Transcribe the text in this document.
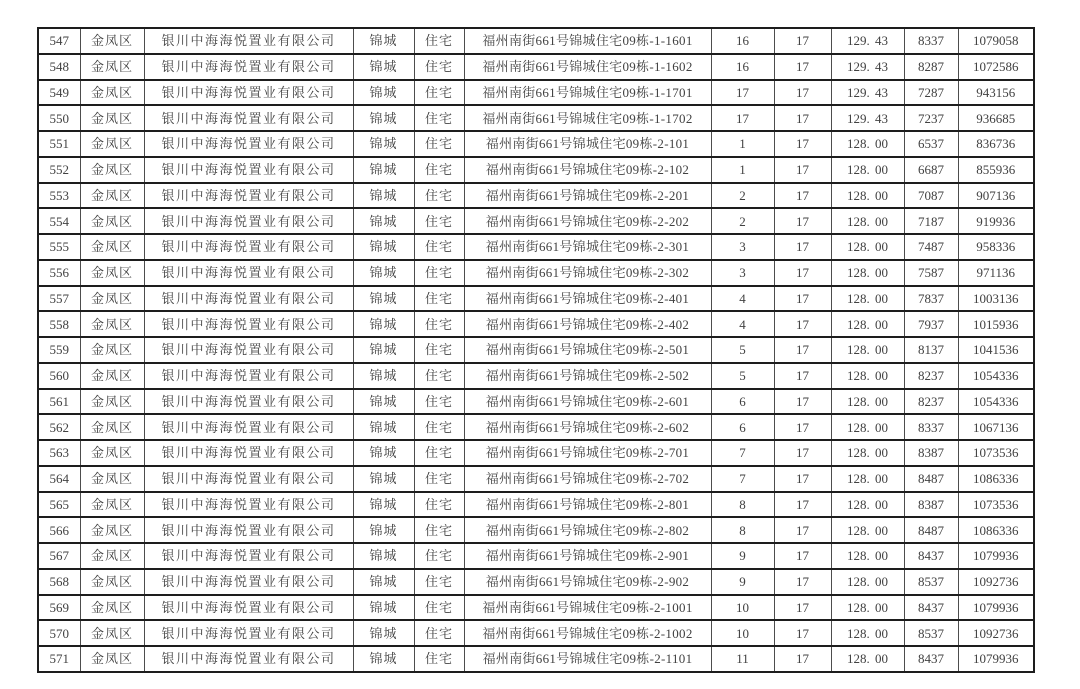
547	金凤区	银川中海海悦置业有限公司	锦城	住宅	福州南街661号锦城住宅09栋-1-1601	16	17	129. 43	8337	1079058
548	金凤区	银川中海海悦置业有限公司	锦城	住宅	福州南街661号锦城住宅09栋-1-1602	16	17	129. 43	8287	1072586
549	金凤区	银川中海海悦置业有限公司	锦城	住宅	福州南街661号锦城住宅09栋-1-1701	17	17	129. 43	7287	943156
550	金凤区	银川中海海悦置业有限公司	锦城	住宅	福州南街661号锦城住宅09栋-1-1702	17	17	129. 43	7237	936685
551	金凤区	银川中海海悦置业有限公司	锦城	住宅	福州南街661号锦城住宅09栋-2-101	1	17	128. 00	6537	836736
552	金凤区	银川中海海悦置业有限公司	锦城	住宅	福州南街661号锦城住宅09栋-2-102	1	17	128. 00	6687	855936
553	金凤区	银川中海海悦置业有限公司	锦城	住宅	福州南街661号锦城住宅09栋-2-201	2	17	128. 00	7087	907136
554	金凤区	银川中海海悦置业有限公司	锦城	住宅	福州南街661号锦城住宅09栋-2-202	2	17	128. 00	7187	919936
555	金凤区	银川中海海悦置业有限公司	锦城	住宅	福州南街661号锦城住宅09栋-2-301	3	17	128. 00	7487	958336
556	金凤区	银川中海海悦置业有限公司	锦城	住宅	福州南街661号锦城住宅09栋-2-302	3	17	128. 00	7587	971136
557	金凤区	银川中海海悦置业有限公司	锦城	住宅	福州南街661号锦城住宅09栋-2-401	4	17	128. 00	7837	1003136
558	金凤区	银川中海海悦置业有限公司	锦城	住宅	福州南街661号锦城住宅09栋-2-402	4	17	128. 00	7937	1015936
559	金凤区	银川中海海悦置业有限公司	锦城	住宅	福州南街661号锦城住宅09栋-2-501	5	17	128. 00	8137	1041536
560	金凤区	银川中海海悦置业有限公司	锦城	住宅	福州南街661号锦城住宅09栋-2-502	5	17	128. 00	8237	1054336
561	金凤区	银川中海海悦置业有限公司	锦城	住宅	福州南街661号锦城住宅09栋-2-601	6	17	128. 00	8237	1054336
562	金凤区	银川中海海悦置业有限公司	锦城	住宅	福州南街661号锦城住宅09栋-2-602	6	17	128. 00	8337	1067136
563	金凤区	银川中海海悦置业有限公司	锦城	住宅	福州南街661号锦城住宅09栋-2-701	7	17	128. 00	8387	1073536
564	金凤区	银川中海海悦置业有限公司	锦城	住宅	福州南街661号锦城住宅09栋-2-702	7	17	128. 00	8487	1086336
565	金凤区	银川中海海悦置业有限公司	锦城	住宅	福州南街661号锦城住宅09栋-2-801	8	17	128. 00	8387	1073536
566	金凤区	银川中海海悦置业有限公司	锦城	住宅	福州南街661号锦城住宅09栋-2-802	8	17	128. 00	8487	1086336
567	金凤区	银川中海海悦置业有限公司	锦城	住宅	福州南街661号锦城住宅09栋-2-901	9	17	128. 00	8437	1079936
568	金凤区	银川中海海悦置业有限公司	锦城	住宅	福州南街661号锦城住宅09栋-2-902	9	17	128. 00	8537	1092736
569	金凤区	银川中海海悦置业有限公司	锦城	住宅	福州南街661号锦城住宅09栋-2-1001	10	17	128. 00	8437	1079936
570	金凤区	银川中海海悦置业有限公司	锦城	住宅	福州南街661号锦城住宅09栋-2-1002	10	17	128. 00	8537	1092736
571	金凤区	银川中海海悦置业有限公司	锦城	住宅	福州南街661号锦城住宅09栋-2-1101	11	17	128. 00	8437	1079936
